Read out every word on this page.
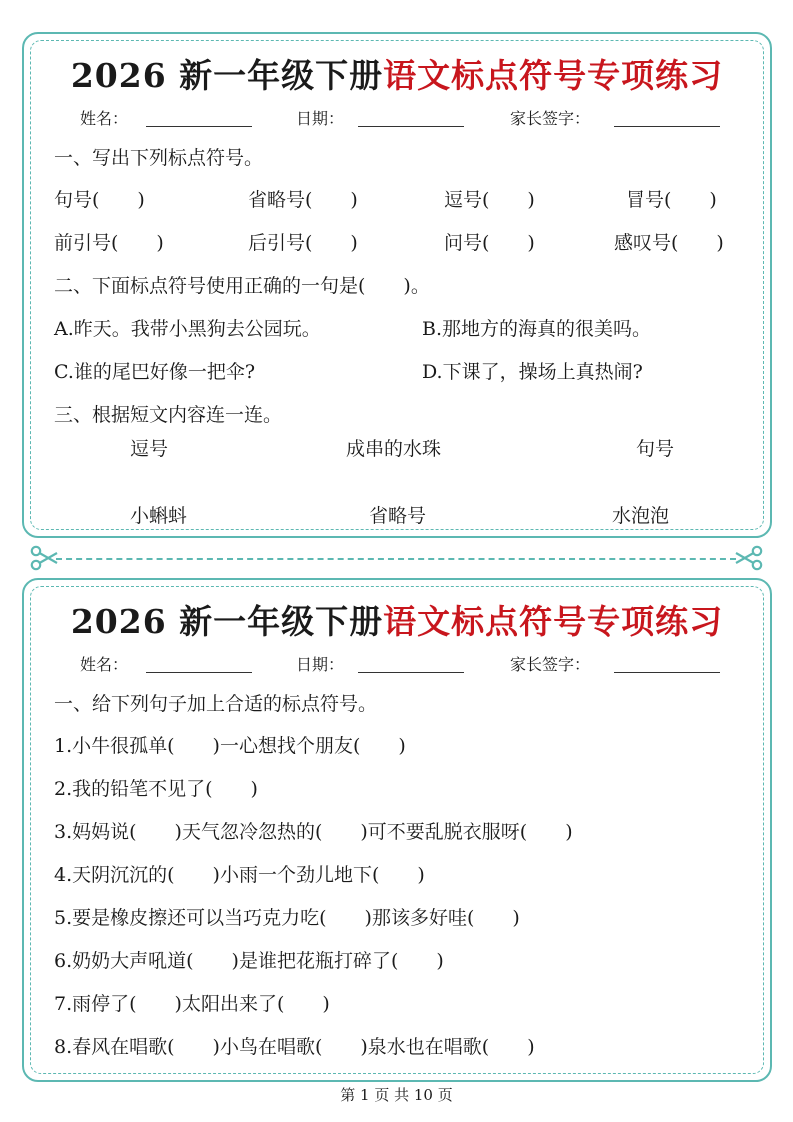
2026 新一年级下册语文标点符号专项练习
姓名：	日期：	家长签字：
一、写出下列标点符号。
句号(　　)	省略号(　　)	逗号(　　)	冒号(　　)
前引号(　　)	后引号(　　)	问号(　　)	感叹号(　　)
二、下面标点符号使用正确的一句是(　　)。
A.昨天。我带小黑狗去公园玩。	B.那地方的海真的很美吗。
C.谁的尾巴好像一把伞?	D.下课了，操场上真热闹?
三、根据短文内容连一连。
逗号	成串的水珠	句号
小蝌蚪	省略号	水泡泡
2026 新一年级下册语文标点符号专项练习
姓名：	日期：	家长签字：
一、给下列句子加上合适的标点符号。
1.小牛很孤单(　　)一心想找个朋友(　　)
2.我的铅笔不见了(　　)
3.妈妈说(　　)天气忽冷忽热的(　　)可不要乱脱衣服呀(　　)
4.天阴沉沉的(　　)小雨一个劲儿地下(　　)
5.要是橡皮擦还可以当巧克力吃(　　)那该多好哇(　　)
6.奶奶大声吼道(　　)是谁把花瓶打碎了(　　)
7.雨停了(　　)太阳出来了(　　)
8.春风在唱歌(　　)小鸟在唱歌(　　)泉水也在唱歌(　　)
第 1 页 共 10 页
